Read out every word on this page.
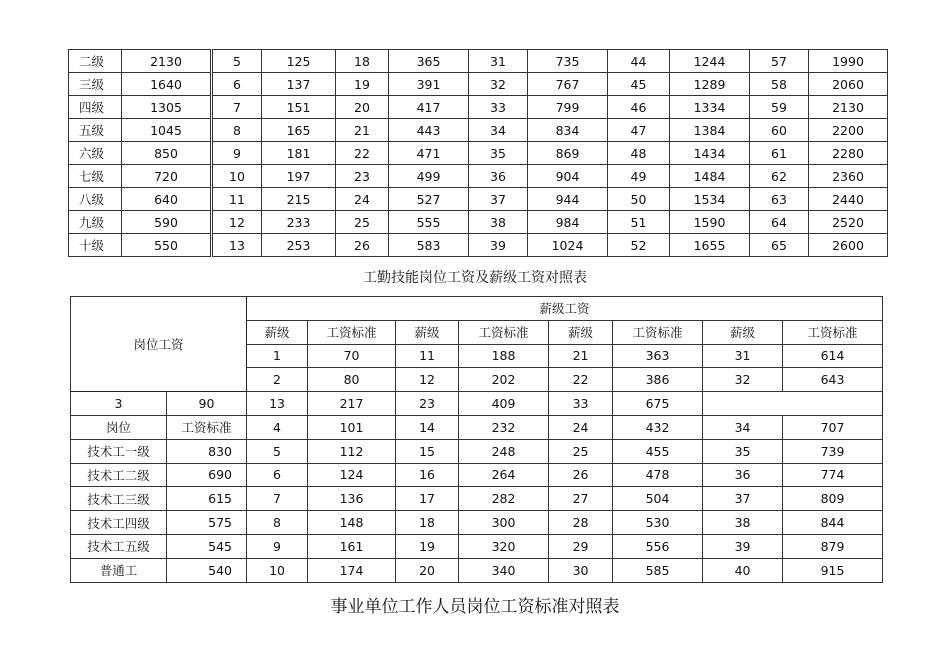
二级	2130	5	125	18	365	31	735	44	1244	57	1990
三级	1640	6	137	19	391	32	767	45	1289	58	2060
四级	1305	7	151	20	417	33	799	46	1334	59	2130
五级	1045	8	165	21	443	34	834	47	1384	60	2200
六级	850	9	181	22	471	35	869	48	1434	61	2280
七级	720	10	197	23	499	36	904	49	1484	62	2360
八级	640	11	215	24	527	37	944	50	1534	63	2440
九级	590	12	233	25	555	38	984	51	1590	64	2520
十级	550	13	253	26	583	39	1024	52	1655	65	2600
工勤技能岗位工资及薪级工资对照表
岗位工资		薪级工资							
		薪级	工资标准	薪级	工资标准	薪级	工资标准	薪级	工资标准
		1	70	11	188	21	363	31	614
		2	80	12	202	22	386	32	643
3	90	13	217	23	409	33	675		
岗位	工资标准	4	101	14	232	24	432	34	707
技术工一级	830	5	112	15	248	25	455	35	739
技术工二级	690	6	124	16	264	26	478	36	774
技术工三级	615	7	136	17	282	27	504	37	809
技术工四级	575	8	148	18	300	28	530	38	844
技术工五级	545	9	161	19	320	29	556	39	879
普通工	540	10	174	20	340	30	585	40	915
事业单位工作人员岗位工资标准对照表
